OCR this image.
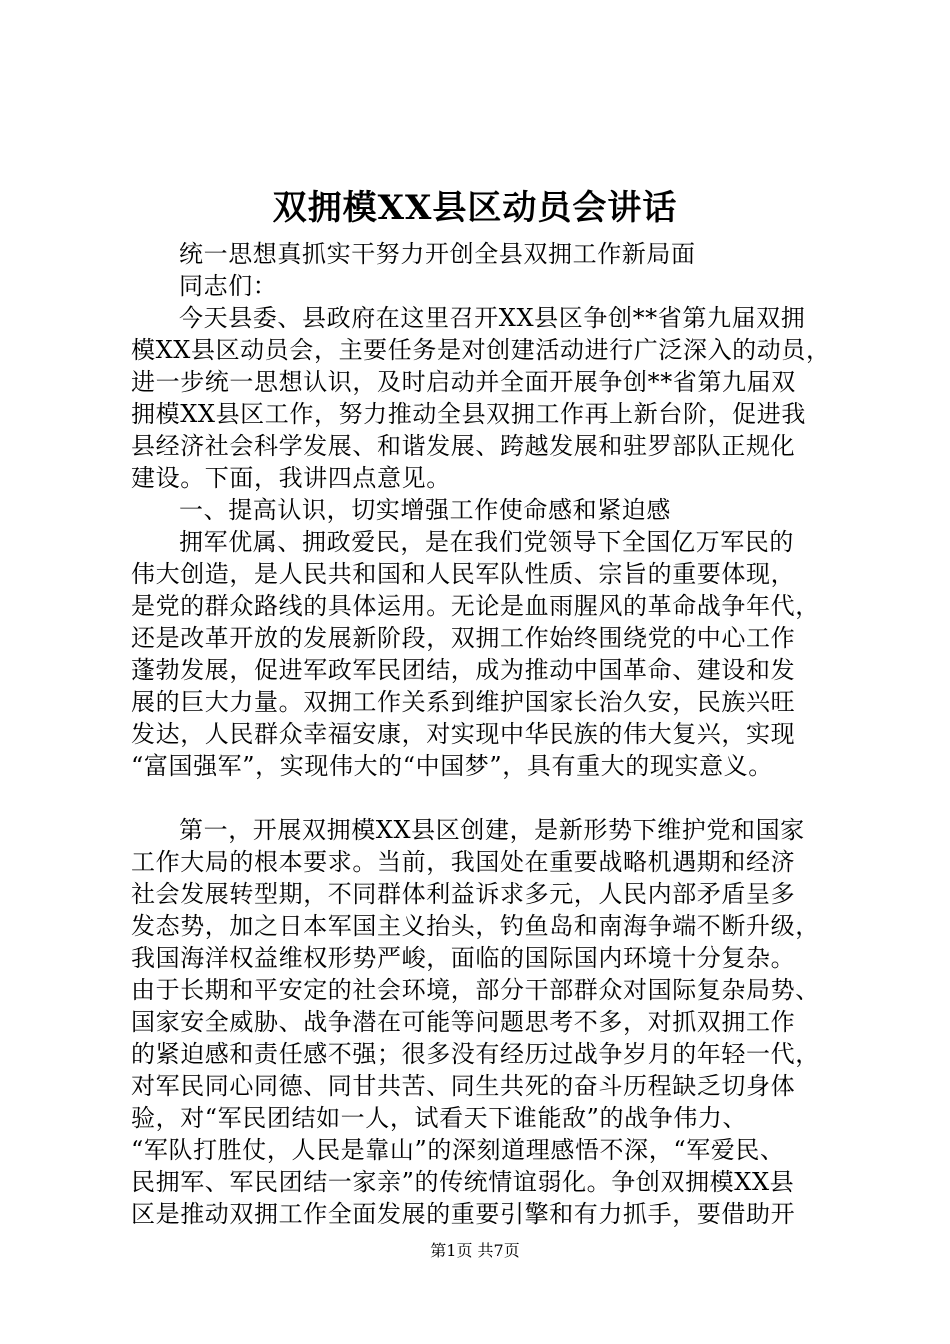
双拥模XX县区动员会讲话
统一思想真抓实干努力开创全县双拥工作新局面
同志们：
今天县委、县政府在这里召开XX县区争创**省第九届双拥
模XX县区动员会，主要任务是对创建活动进行广泛深入的动员，
进一步统一思想认识，及时启动并全面开展争创**省第九届双
拥模XX县区工作，努力推动全县双拥工作再上新台阶，促进我
县经济社会科学发展、和谐发展、跨越发展和驻罗部队正规化
建设。下面，我讲四点意见。
一、提高认识，切实增强工作使命感和紧迫感
拥军优属、拥政爱民，是在我们党领导下全国亿万军民的
伟大创造，是人民共和国和人民军队性质、宗旨的重要体现，
是党的群众路线的具体运用。无论是血雨腥风的革命战争年代，
还是改革开放的发展新阶段，双拥工作始终围绕党的中心工作
蓬勃发展，促进军政军民团结，成为推动中国革命、建设和发
展的巨大力量。双拥工作关系到维护国家长治久安，民族兴旺
发达，人民群众幸福安康，对实现中华民族的伟大复兴，实现
“富国强军”，实现伟大的“中国梦”，具有重大的现实意义。
第一，开展双拥模XX县区创建，是新形势下维护党和国家
工作大局的根本要求。当前，我国处在重要战略机遇期和经济
社会发展转型期，不同群体利益诉求多元，人民内部矛盾呈多
发态势，加之日本军国主义抬头，钓鱼岛和南海争端不断升级，
我国海洋权益维权形势严峻，面临的国际国内环境十分复杂。
由于长期和平安定的社会环境，部分干部群众对国际复杂局势、
国家安全威胁、战争潜在可能等问题思考不多，对抓双拥工作
的紧迫感和责任感不强；很多没有经历过战争岁月的年轻一代，
对军民同心同德、同甘共苦、同生共死的奋斗历程缺乏切身体
验，对“军民团结如一人，试看天下谁能敌”的战争伟力、
“军队打胜仗，人民是靠山”的深刻道理感悟不深，“军爱民、
民拥军、军民团结一家亲”的传统情谊弱化。争创双拥模XX县
区是推动双拥工作全面发展的重要引擎和有力抓手，要借助开
第1页 共7页
